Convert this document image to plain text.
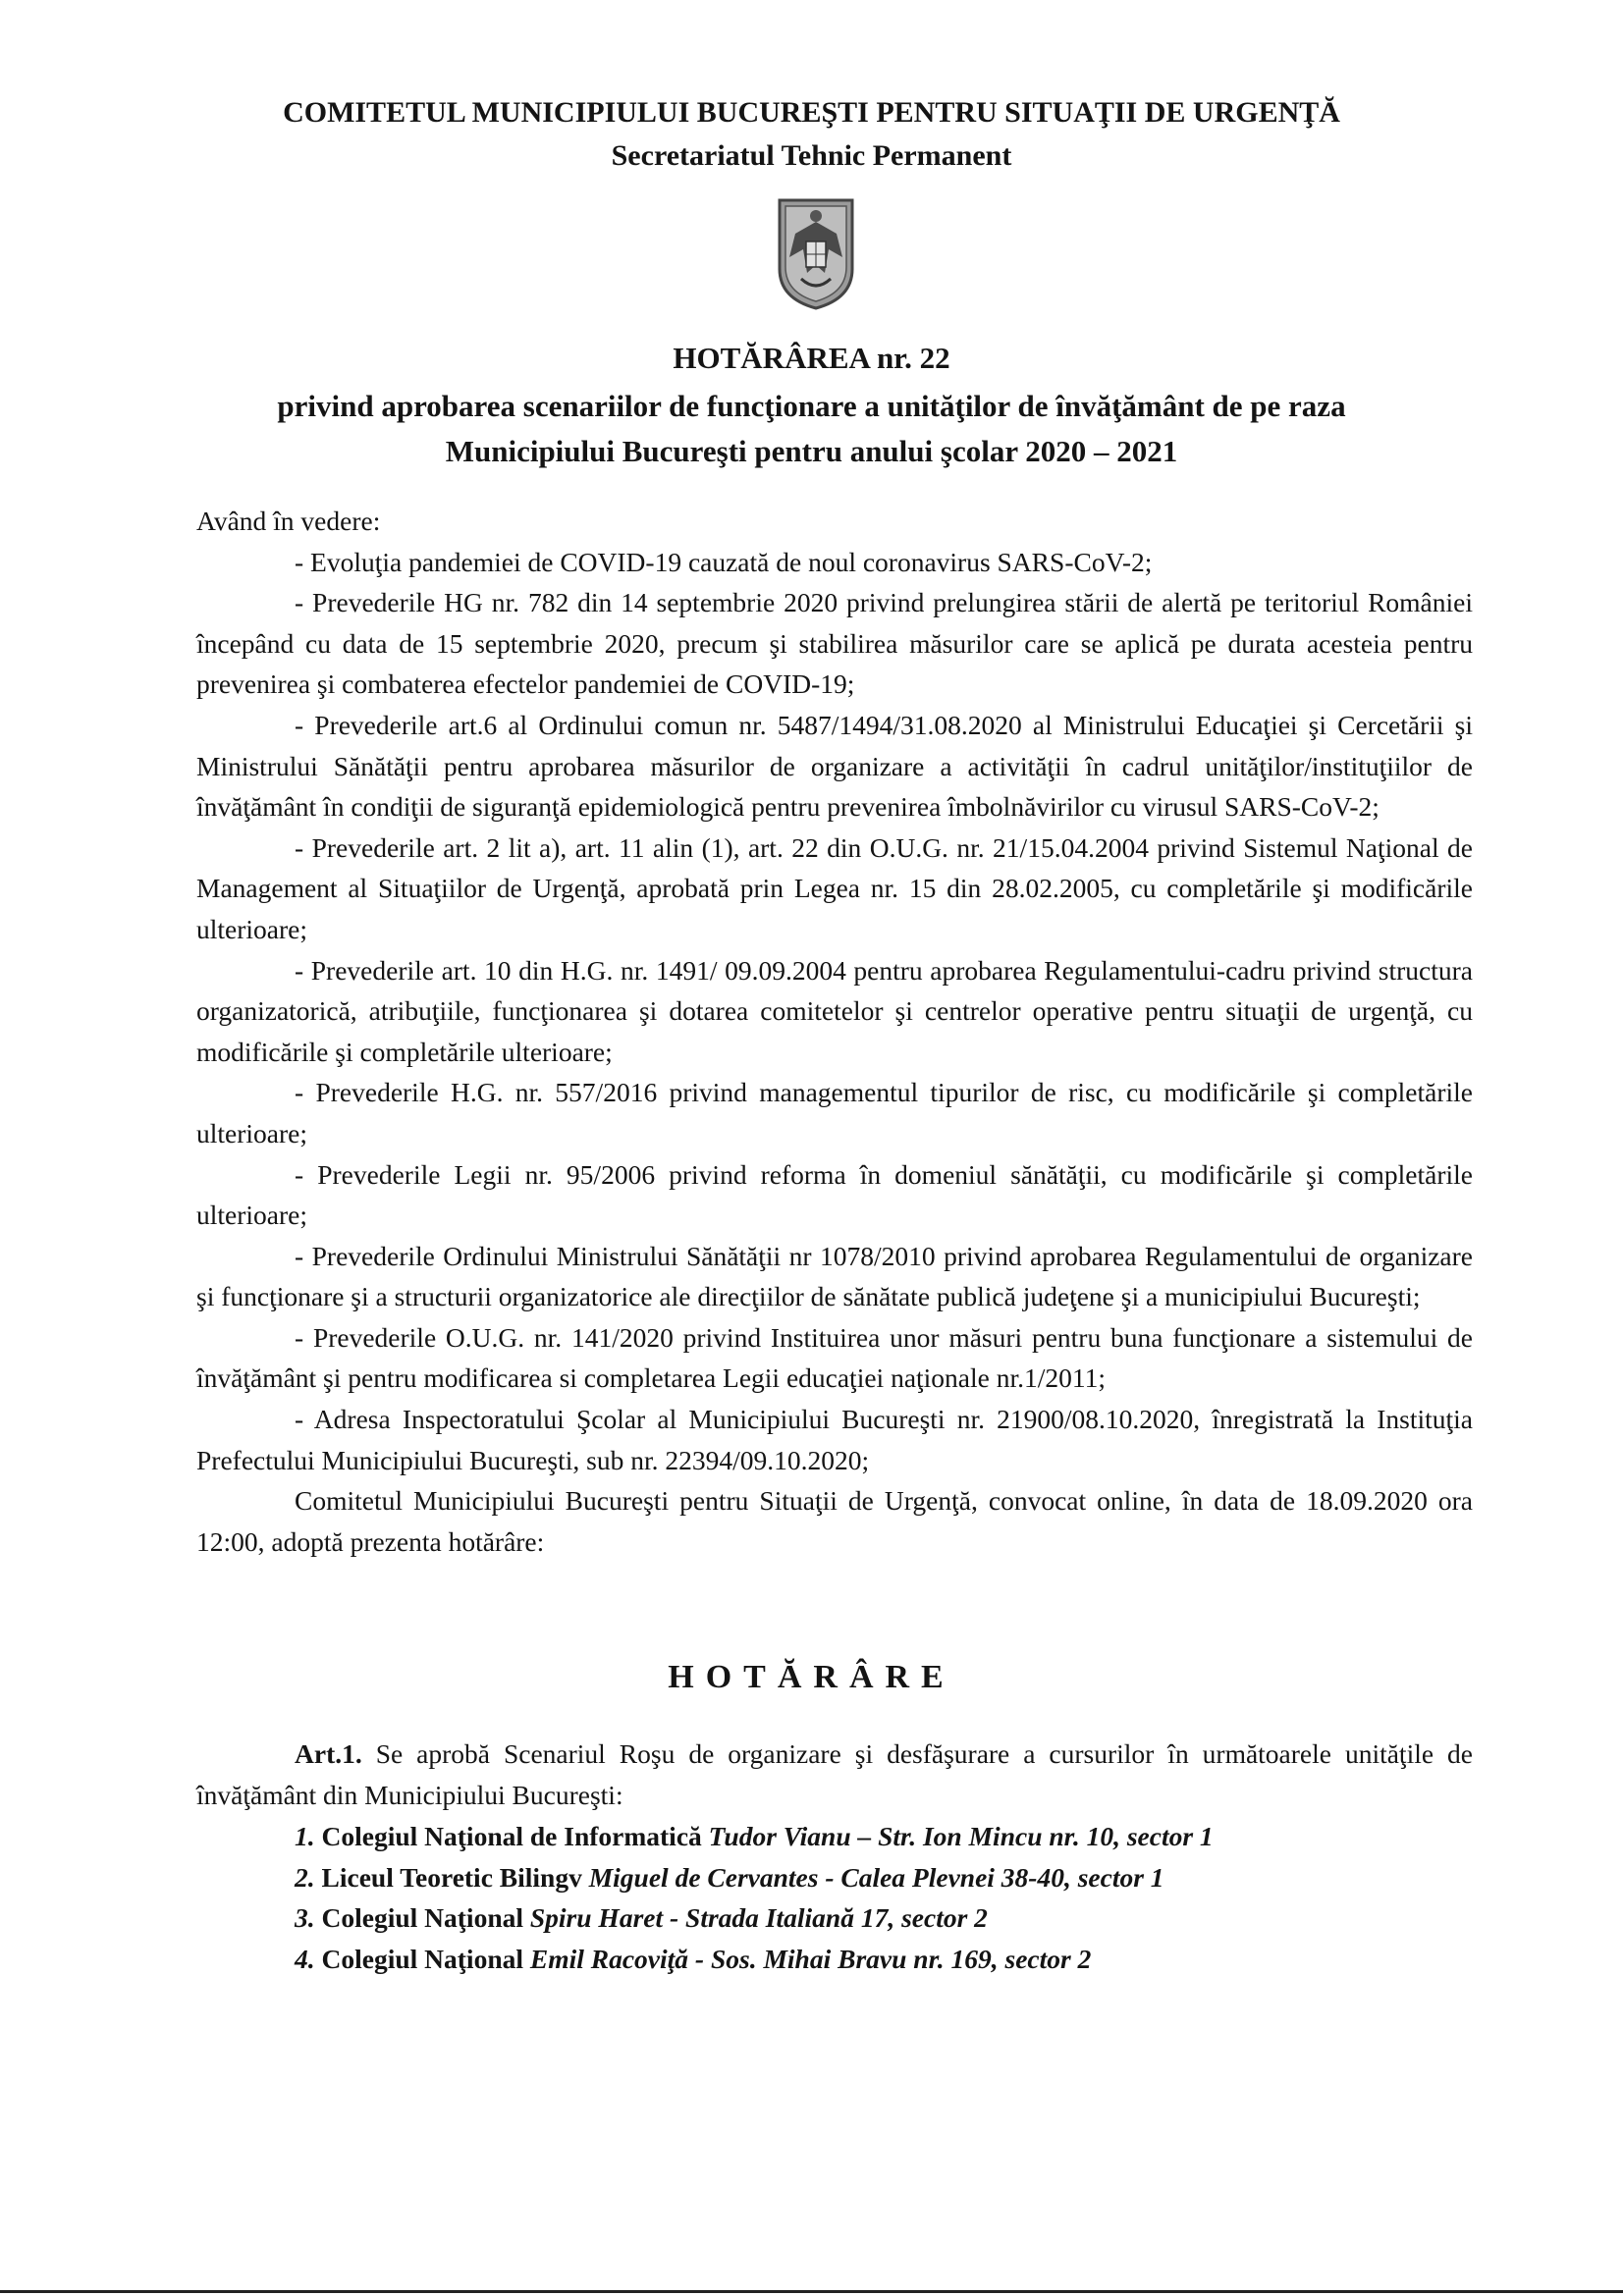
COMITETUL MUNICIPIULUI BUCUREŞTI PENTRU SITUAŢII DE URGENŢĂ

Secretariatul Tehnic Permanent

HOTĂRÂREA nr. 22

privind aprobarea scenariilor de funcţionare a unităţilor de învăţământ de pe raza

Municipiului Bucureşti pentru anului şcolar 2020 – 2021

Având în vedere:

- Evoluţia pandemiei de COVID-19 cauzată de noul coronavirus SARS-CoV-2;

- Prevederile HG nr. 782 din 14 septembrie 2020 privind prelungirea stării de alertă pe teritoriul României începând cu data de 15 septembrie 2020, precum şi stabilirea măsurilor care se aplică pe durata acesteia pentru prevenirea şi combaterea efectelor pandemiei de COVID-19;

- Prevederile art.6 al Ordinului comun nr. 5487/1494/31.08.2020 al Ministrului Educaţiei şi Cercetării şi Ministrului Sănătăţii pentru aprobarea măsurilor de organizare a activităţii în cadrul unităţilor/instituţiilor de învăţământ în condiţii de siguranţă epidemiologică pentru prevenirea îmbolnăvirilor cu virusul SARS-CoV-2;

- Prevederile art. 2 lit a), art. 11 alin (1), art. 22 din O.U.G. nr. 21/15.04.2004 privind Sistemul Naţional de Management al Situaţiilor de Urgenţă, aprobată prin Legea nr. 15 din 28.02.2005, cu completările şi modificările ulterioare;

- Prevederile art. 10 din H.G. nr. 1491/ 09.09.2004 pentru aprobarea Regulamentului-cadru privind structura organizatorică, atribuţiile, funcţionarea şi dotarea comitetelor şi centrelor operative pentru situaţii de urgenţă, cu modificările şi completările ulterioare;

- Prevederile H.G. nr. 557/2016 privind managementul tipurilor de risc, cu modificările şi completările ulterioare;

- Prevederile Legii nr. 95/2006 privind reforma în domeniul sănătăţii, cu modificările şi completările ulterioare;

- Prevederile Ordinului Ministrului Sănătăţii nr 1078/2010 privind aprobarea Regulamentului de organizare şi funcţionare şi a structurii organizatorice ale direcţiilor de sănătate publică judeţene şi a municipiului Bucureşti;

- Prevederile O.U.G. nr. 141/2020 privind Instituirea unor măsuri pentru buna funcţionare a sistemului de învăţământ şi pentru modificarea si completarea Legii educaţiei naţionale nr.1/2011;

- Adresa Inspectoratului Şcolar al Municipiului Bucureşti nr. 21900/08.10.2020, înregistrată la Instituţia Prefectului Municipiului Bucureşti, sub nr. 22394/09.10.2020;

Comitetul Municipiului Bucureşti pentru Situaţii de Urgenţă, convocat online, în data de 18.09.2020 ora 12:00, adoptă prezenta hotărâre:

HOTĂRÂRE

Art.1. Se aprobă Scenariul Roşu de organizare şi desfăşurare a cursurilor în următoarele unităţile de învăţământ din Municipiului Bucureşti:

1. Colegiul Naţional de Informatică Tudor Vianu – Str. Ion Mincu nr. 10, sector 1
2. Liceul Teoretic Bilingv Miguel de Cervantes - Calea Plevnei 38-40, sector 1
3. Colegiul Naţional Spiru Haret - Strada Italiană 17, sector 2
4. Colegiul Naţional Emil Racoviţă - Sos. Mihai Bravu nr. 169, sector 2
